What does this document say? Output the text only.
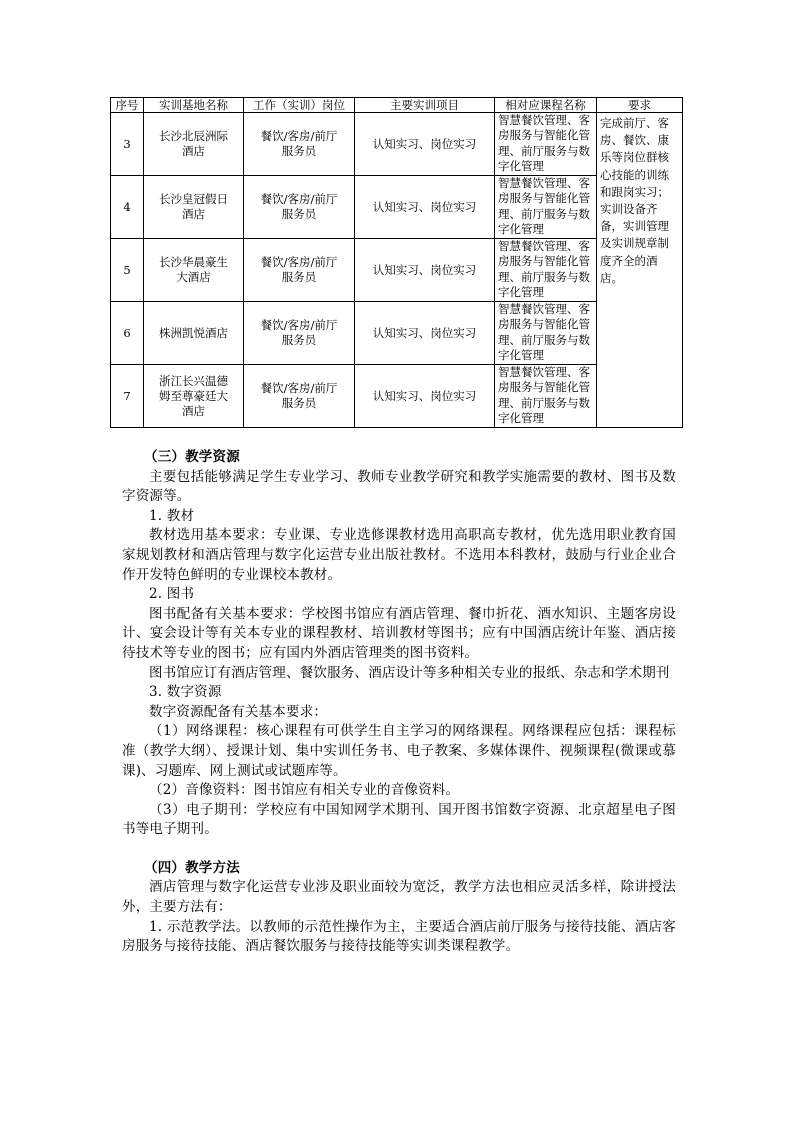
序号	实训基地名称	工作（实训）岗位	主要实训项目	相对应课程名称	要求
3	长沙北辰洲际酒店	餐饮/客房/前厅服务员	认知实习、岗位实习	智慧餐饮管理、客房服务与智能化管理、前厅服务与数字化管理	完成前厅、客房、餐饮、康乐等岗位群核心技能的训练和跟岗实习；实训设备齐备，实训管理及实训规章制度齐全的酒店。
4	长沙皇冠假日酒店	餐饮/客房/前厅服务员	认知实习、岗位实习	智慧餐饮管理、客房服务与智能化管理、前厅服务与数字化管理	
5	长沙华晨豪生大酒店	餐饮/客房/前厅服务员	认知实习、岗位实习	智慧餐饮管理、客房服务与智能化管理、前厅服务与数字化管理	
6	株洲凯悦酒店	餐饮/客房/前厅服务员	认知实习、岗位实习	智慧餐饮管理、客房服务与智能化管理、前厅服务与数字化管理	
7	浙江长兴温德姆至尊豪廷大酒店	餐饮/客房/前厅服务员	认知实习、岗位实习	智慧餐饮管理、客房服务与智能化管理、前厅服务与数字化管理	

（三）教学资源

主要包括能够满足学生专业学习、教师专业教学研究和教学实施需要的教材、图书及数字资源等。

1. 教材

教材选用基本要求：专业课、专业选修课教材选用高职高专教材，优先选用职业教育国家规划教材和酒店管理与数字化运营专业出版社教材。不选用本科教材，鼓励与行业企业合作开发特色鲜明的专业课校本教材。

2. 图书

图书配备有关基本要求：学校图书馆应有酒店管理、餐巾折花、酒水知识、主题客房设计、宴会设计等有关本专业的课程教材、培训教材等图书；应有中国酒店统计年鉴、酒店接待技术等专业的图书；应有国内外酒店管理类的图书资料。

图书馆应订有酒店管理、餐饮服务、酒店设计等多种相关专业的报纸、杂志和学术期刊

3. 数字资源

数字资源配备有关基本要求：

（1）网络课程：核心课程有可供学生自主学习的网络课程。网络课程应包括：课程标准（教学大纲）、授课计划、集中实训任务书、电子教案、多媒体课件、视频课程(微课或慕课)、习题库、网上测试或试题库等。

（2）音像资料：图书馆应有相关专业的音像资料。

（3）电子期刊：学校应有中国知网学术期刊、国开图书馆数字资源、北京超星电子图书等电子期刊。

（四）教学方法

酒店管理与数字化运营专业涉及职业面较为宽泛，教学方法也相应灵活多样，除讲授法外，主要方法有：

1. 示范教学法。以教师的示范性操作为主，主要适合酒店前厅服务与接待技能、酒店客房服务与接待技能、酒店餐饮服务与接待技能等实训类课程教学。
